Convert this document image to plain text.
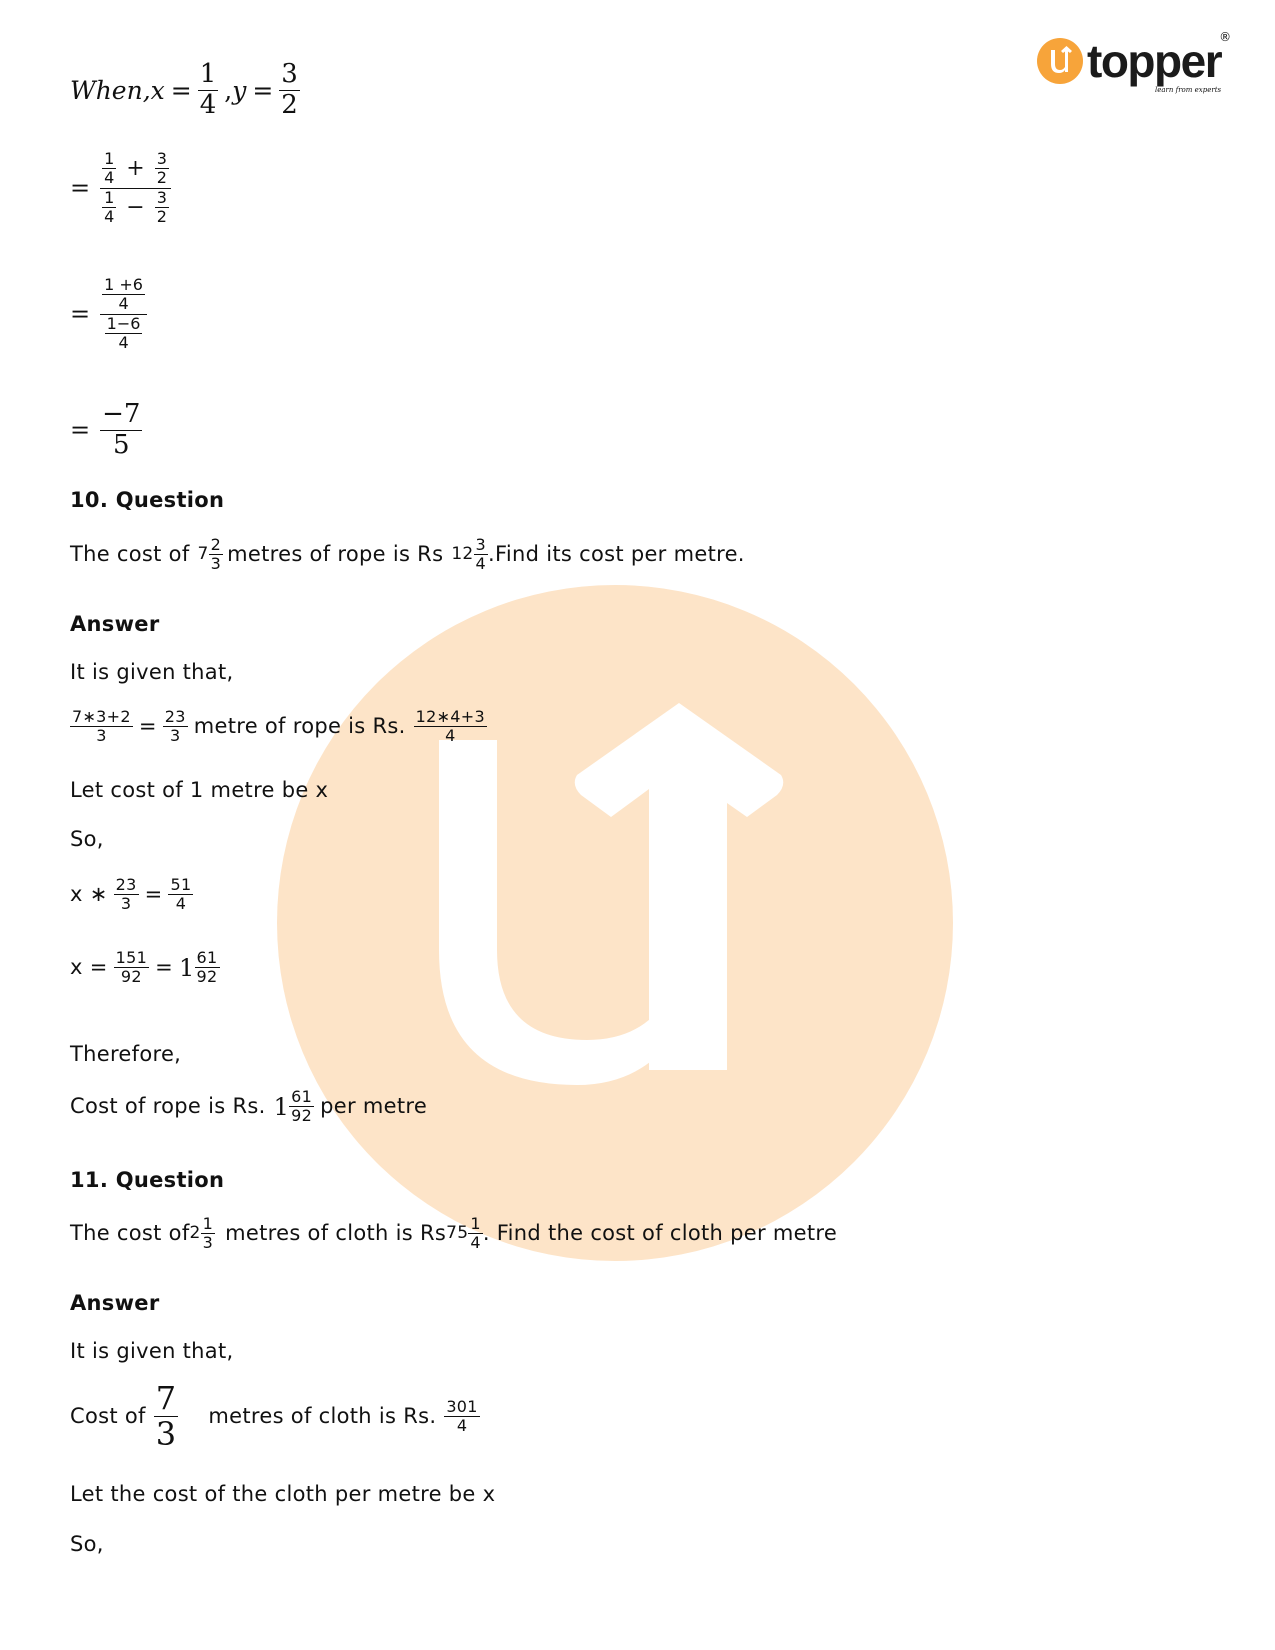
topper
®
learn from experts
When, $x = \frac{1}{4}$ , $y = \frac{3}{2}$
=
$\frac{1}{4} + \frac{3}{2}$
$\frac{1}{4} - \frac{3}{2}$
= $\frac{\frac{1 +6}{4}}{\frac{1-6}{4}}$
= $\frac{-7}{5}$
10. Question
The cost of $7 \frac{2}{3}$ metres of rope is Rs $12 \frac{3}{4}$ .Find its cost per metre.
Answer
It is given that,
$\frac{7∗3+2}{3} = \frac{23}{3}$ metre of rope is Rs. $\frac{12∗4+3}{4}$
Let cost of 1 metre be x
So,
x ∗ $\frac{23}{3} = \frac{51}{4}$
$x = \frac{151}{92} = 1 \frac{61}{92}$
Therefore,
Cost of rope is Rs. $1 \frac{61}{92}$ per metre
11. Question
The cost of $2 \frac{1}{3}$ metres of cloth is Rs $75 \frac{1}{4}$ . Find the cost of cloth per metre
Answer
It is given that,
Cost of $\frac{7}{3}$ metres of cloth is Rs. $\frac{301}{4}$
Let the cost of the cloth per metre be x
So,
